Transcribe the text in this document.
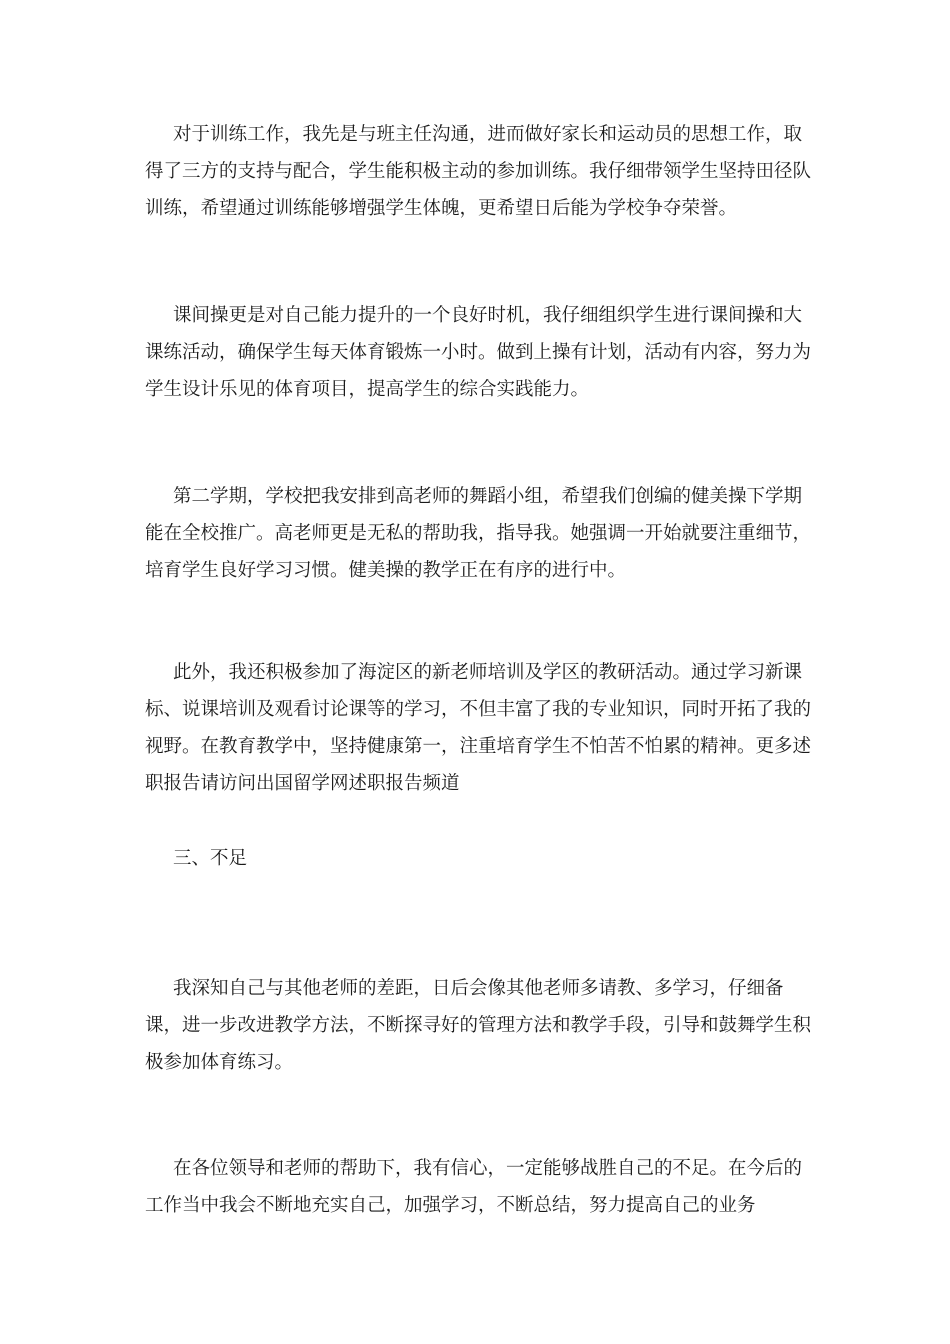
对于训练工作，我先是与班主任沟通，进而做好家长和运动员的思想工作，取得了三方的支持与配合，学生能积极主动的参加训练。我仔细带领学生坚持田径队训练，希望通过训练能够增强学生体魄，更希望日后能为学校争夺荣誉。

课间操更是对自己能力提升的一个良好时机，我仔细组织学生进行课间操和大课练活动，确保学生每天体育锻炼一小时。做到上操有计划，活动有内容，努力为学生设计乐见的体育项目，提高学生的综合实践能力。

第二学期，学校把我安排到高老师的舞蹈小组，希望我们创编的健美操下学期能在全校推广。高老师更是无私的帮助我，指导我。她强调一开始就要注重细节，培育学生良好学习习惯。健美操的教学正在有序的进行中。

此外，我还积极参加了海淀区的新老师培训及学区的教研活动。通过学习新课标、说课培训及观看讨论课等的学习，不但丰富了我的专业知识，同时开拓了我的视野。在教育教学中，坚持健康第一，注重培育学生不怕苦不怕累的精神。更多述职报告请访问出国留学网述职报告频道

三、不足

我深知自己与其他老师的差距，日后会像其他老师多请教、多学习，仔细备课，进一步改进教学方法，不断探寻好的管理方法和教学手段，引导和鼓舞学生积极参加体育练习。

在各位领导和老师的帮助下，我有信心，一定能够战胜自己的不足。在今后的工作当中我会不断地充实自己，加强学习，不断总结，努力提高自己的业务
